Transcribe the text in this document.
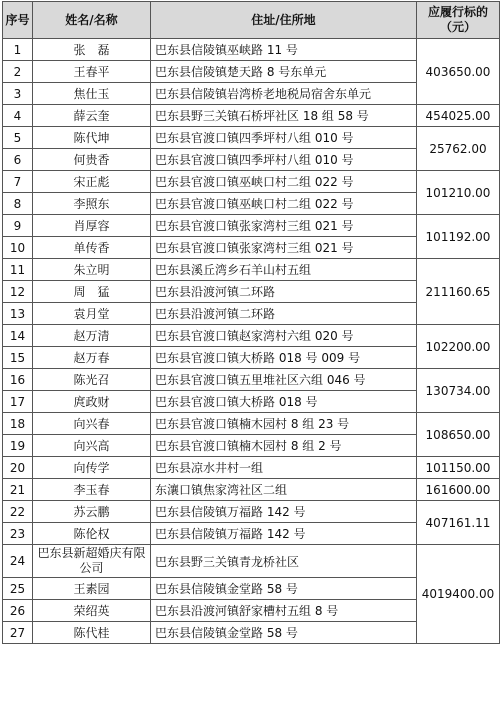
序号	姓名/名称	住址/住所地	应履行标的（元）
1	张　磊	巴东县信陵镇巫峡路 11 号	403650.00
2	王春平	巴东县信陵镇楚天路 8 号东单元	
3	焦仕玉	巴东县信陵镇岩湾桥老地税局宿舍东单元	
4	薛云奎	巴东县野三关镇石桥坪社区 18 组 58 号	454025.00
5	陈代坤	巴东县官渡口镇四季坪村八组 010 号	25762.00
6	何贵香	巴东县官渡口镇四季坪村八组 010 号	
7	宋正彪	巴东县官渡口镇巫峡口村二组 022 号	101210.00
8	李照东	巴东县官渡口镇巫峡口村二组 022 号	
9	肖厚容	巴东县官渡口镇张家湾村三组 021 号	101192.00
10	单传香	巴东县官渡口镇张家湾村三组 021 号	
11	朱立明	巴东县溪丘湾乡石羊山村五组	211160.65
12	周　猛	巴东县沿渡河镇二环路	
13	袁月堂	巴东县沿渡河镇二环路	
14	赵万清	巴东县官渡口镇赵家湾村六组 020 号	102200.00
15	赵万春	巴东县官渡口镇大桥路 018 号 009 号	
16	陈光召	巴东县官渡口镇五里堆社区六组 046 号	130734.00
17	庹政财	巴东县官渡口镇大桥路 018 号	
18	向兴春	巴东县官渡口镇楠木园村 8 组 23 号	108650.00
19	向兴高	巴东县官渡口镇楠木园村 8 组 2 号	
20	向传学	巴东县凉水井村一组	101150.00
21	李玉春	东瀼口镇焦家湾社区二组	161600.00
22	苏云鹏	巴东县信陵镇万福路 142 号	407161.11
23	陈伦权	巴东县信陵镇万福路 142 号	
24	巴东县新超婚庆有限公司	巴东县野三关镇青龙桥社区	4019400.00
25	王素园	巴东县信陵镇金堂路 58 号	
26	荣绍英	巴东县沿渡河镇舒家槽村五组 8 号	
27	陈代桂	巴东县信陵镇金堂路 58 号	
